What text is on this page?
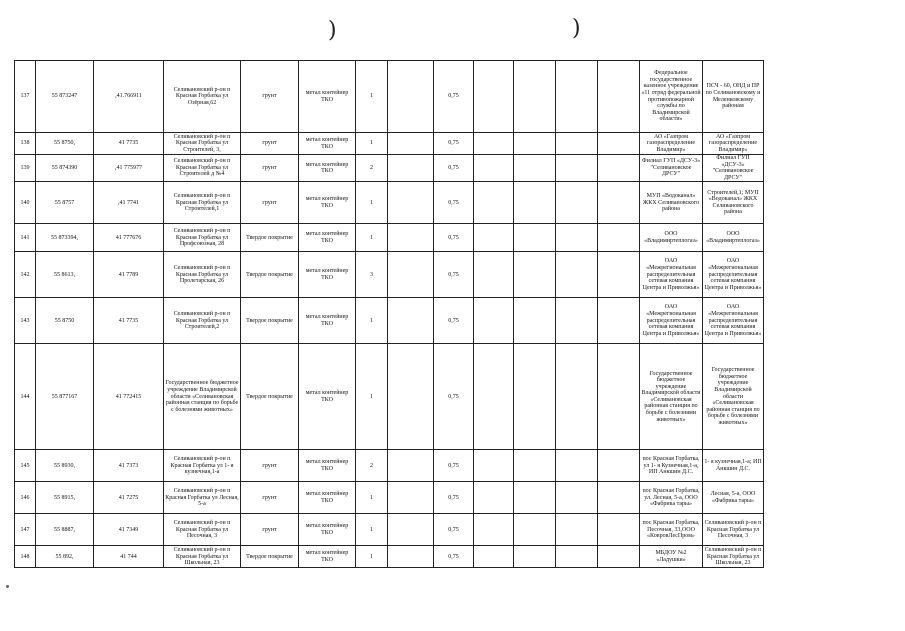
)	)
137	55 873247	,41.766911	Селивановский р-он п Красная Горбатка ул Озёрная,62	грунт	метал контейнер ТКО	1		0,75					Федеральное государственное казенное учреждение «11 отряд федеральной противопожарной службы по Владимирской области»	ПСЧ - 60, ОНД и ПР по Селивановскому и Меленковскому районам
138	55 8750,	41 7735	Селивановский р-он п Красная Горбатка ул Строителей, 3,	грунт	метал контейнер ТКО	1		0,75					АО «Газпром газораспределение Владимир»	АО «Газпром газораспределение Владимир»
139	55 874390	,41 775977	Селивановский р-он п Красная Горбатка ул Строителей д №4	грунт	метал контейнер ТКО	2		0,75					Филиал ГУП «ДСУ-3» "Селивановское ДРСУ"	Филиал ГУП «ДСУ-3» "Селивановское ДРСУ"
140	55 8757	,41 7741	Селивановский р-он п Красная Горбатка ул Строителей,1	грунт	метал контейнер ТКО	1		0,75					МУП «Водоканал» ЖКХ Селивановского района	Строителей,1; МУП «Водоканал» ЖКХ Селивановского района
141	55 873394,	41 777676	Селивановский р-он п Красная Горбатка ул Профсоюзная, 28	Твердое покрытие	метал контейнер ТКО	1		0,75					ООО «Владимиртеплогаз»	ООО «Владимиртеплогаз»
142	55 8613,	41 7789	Селивановский р-он п Красная Горбатка ул Пролетарская, 26	Твердое покрытие	метал контейнер ТКО	3		0,75					ОАО «Межрегиональная распределительная сетевая компания Центра и Приволжья»	ОАО «Межрегиональная распределительная сетевая компания Центра и Приволжья»
143	55 8750	41 7735	Селивановский р-он п Красная Горбатка ул Строителей,2	Твердое покрытие	метал контейнер ТКО	1		0,75					ОАО «Межрегиональная распределительная сетевая компания Центра и Приволжья»	ОАО «Межрегиональная распределительная сетевая компания Центра и Приволжья»
144	55 877167	41 772415	Государственное бюджетное учреждение Владимирской области «Селивановская районная станция по борьбе с болезнями животных»	Твердое покрытие	метал контейнер ТКО	1		0,75					Государственное бюджетное учреждение Владимирской области «Селивановская районная станция по борьбе с болезнями животных»	Государственное бюджетное учреждение Владимирской области «Селивановская районная станция по борьбе с болезнями животных»
145	55 8930,	41 7373	Селивановский р-он п Красная Горбатка ул 1- я кузнечная,1-а	грунт	метал контейнер ТКО	2		0,75					пос Красная Горбатка, ул 1- я Кузнечная,1-а, ИП Анкшин Д.С.	1- я кузнечная,1-а; ИП Анкшин Д.С.
146	55 8915,	41 7275	Селивановский р-он п Красная Горбатка ул Лесная, 5-а	грунт	метал контейнер ТКО	1		0,75					пос Красная Горбатка, ул. Лесная, 5-а, ООО «Фабрика тары»	Лесная, 5-а, ООО «Фабрика тары»
147	55 8887,	41 7349	Селивановский р-он п Красная Горбатка ул Песочная, 3	грунт	метал контейнер ТКО	1		0,75					пос Красная Горбатка, Песочная, 33,ООО «КовровЛесПром»	Селивановский р-он п Красная Горбатка ул Песочная, 3
148	55 892,	41 744	Селивановский р-он п Красная Горбатка ул Школьная, 23	Твердое покрытие	метал контейнер ТКО	1		0,75					МБДОУ №2 «Ладушки»	Селивановский р-он п Красная Горбатка ул Школьная, 23
